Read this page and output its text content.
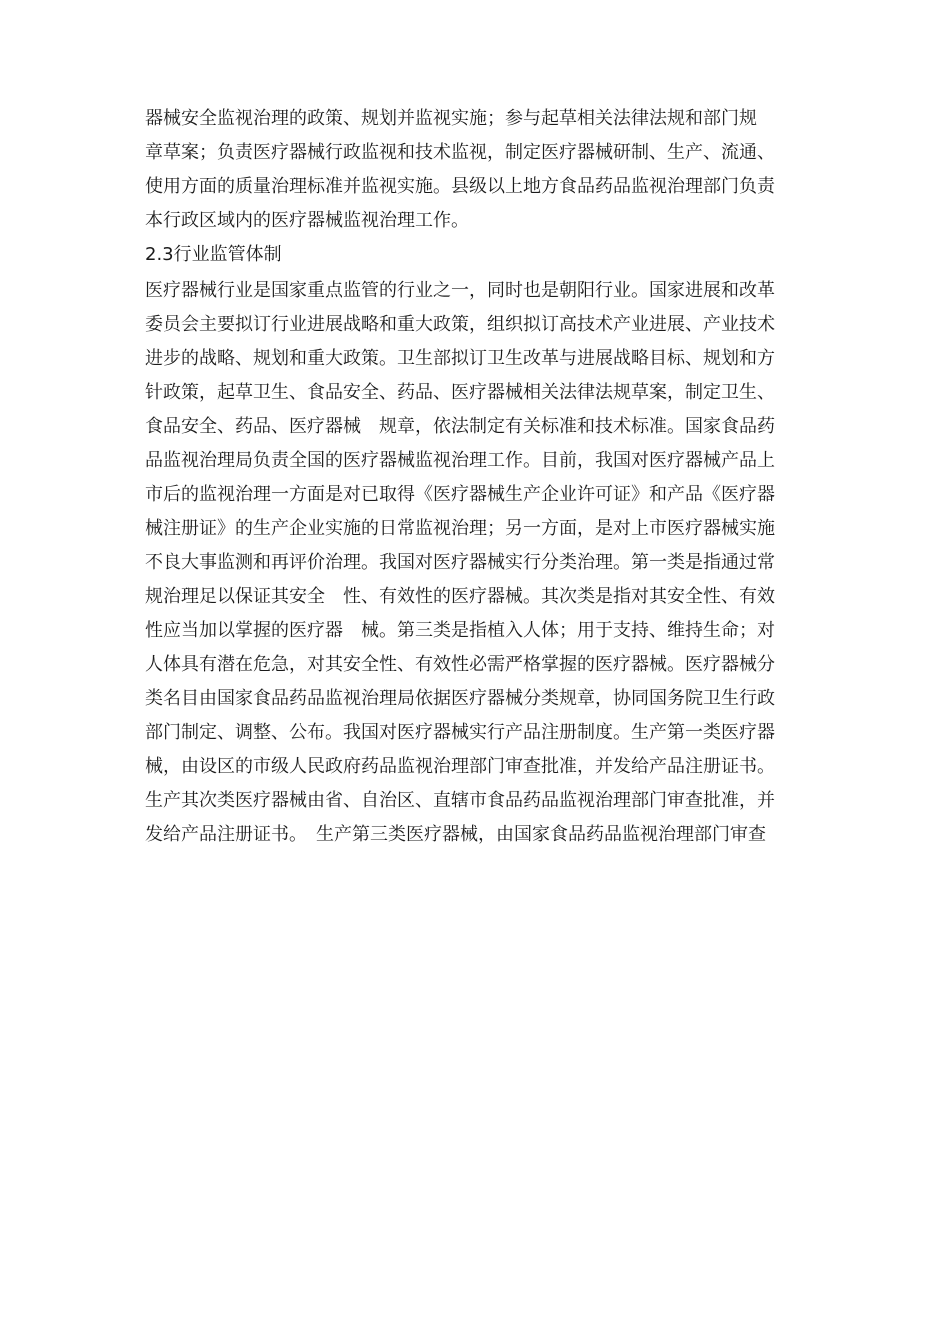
器械安全监视治理的政策、规划并监视实施；参与起草相关法律法规和部门规
章草案；负责医疗器械行政监视和技术监视，制定医疗器械研制、生产、流通、
使用方面的质量治理标准并监视实施。县级以上地方食品药品监视治理部门负责
本行政区域内的医疗器械监视治理工作。
2.3行业监管体制
医疗器械行业是国家重点监管的行业之一，同时也是朝阳行业。国家进展和改革
委员会主要拟订行业进展战略和重大政策，组织拟订高技术产业进展、产业技术
进步的战略、规划和重大政策。卫生部拟订卫生改革与进展战略目标、规划和方
针政策，起草卫生、食品安全、药品、医疗器械相关法律法规草案，制定卫生、
食品安全、药品、医疗器械　规章，依法制定有关标准和技术标准。国家食品药
品监视治理局负责全国的医疗器械监视治理工作。目前，我国对医疗器械产品上
市后的监视治理一方面是对已取得《医疗器械生产企业许可证》和产品《医疗器
械注册证》的生产企业实施的日常监视治理；另一方面，是对上市医疗器械实施
不良大事监测和再评价治理。我国对医疗器械实行分类治理。第一类是指通过常
规治理足以保证其安全　性、有效性的医疗器械。其次类是指对其安全性、有效
性应当加以掌握的医疗器　械。第三类是指植入人体；用于支持、维持生命；对
人体具有潜在危急，对其安全性、有效性必需严格掌握的医疗器械。医疗器械分
类名目由国家食品药品监视治理局依据医疗器械分类规章，协同国务院卫生行政
部门制定、调整、公布。我国对医疗器械实行产品注册制度。生产第一类医疗器
械，由设区的市级人民政府药品监视治理部门审查批准，并发给产品注册证书。
生产其次类医疗器械由省、自治区、直辖市食品药品监视治理部门审查批准，并
发给产品注册证书。　生产第三类医疗器械，由国家食品药品监视治理部门审查
